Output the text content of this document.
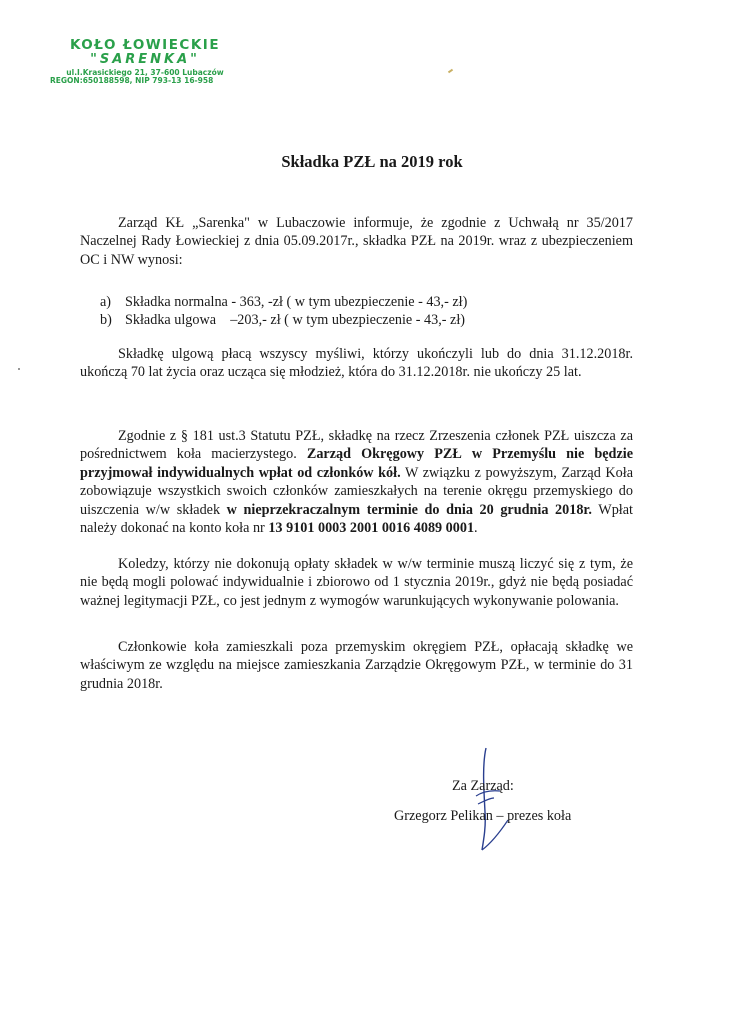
KOŁO ŁOWIECKIE
"SARENKA"
ul.I.Krasickiego 21, 37-600 Lubaczów
REGON:650188598, NIP 793-13 16-958
Składka PZŁ na 2019 rok

Zarząd KŁ „Sarenka" w Lubaczowie informuje, że zgodnie z Uchwałą nr 35/2017 Naczelnej Rady Łowieckiej z dnia 05.09.2017r., składka PZŁ na 2019r. wraz z ubezpieczeniem OC i NW wynosi:

a) Składka normalna - 363, -zł ( w tym ubezpieczenie - 43,- zł)
b) Składka ulgowa    –203,- zł ( w tym ubezpieczenie - 43,- zł)

Składkę ulgową płacą wszyscy myśliwi, którzy ukończyli lub do dnia 31.12.2018r. ukończą 70 lat życia oraz ucząca się młodzież, która do 31.12.2018r. nie ukończy 25 lat.

Zgodnie z § 181 ust.3 Statutu PZŁ, składkę na rzecz Zrzeszenia członek PZŁ uiszcza za pośrednictwem koła macierzystego. Zarząd Okręgowy PZŁ w Przemyślu nie będzie przyjmował indywidualnych wpłat od członków kół. W związku z powyższym, Zarząd Koła zobowiązuje wszystkich swoich członków zamieszkałych na terenie okręgu przemyskiego do uiszczenia w/w składek w nieprzekraczalnym terminie do dnia 20 grudnia 2018r. Wpłat należy dokonać na konto koła nr 13 9101 0003 2001 0016 4089 0001.

Koledzy, którzy nie dokonują opłaty składek w w/w terminie muszą liczyć się z tym, że nie będą mogli polować indywidualnie i zbiorowo od 1 stycznia 2019r., gdyż nie będą posiadać ważnej legitymacji PZŁ, co jest jednym z wymogów warunkujących wykonywanie polowania.

Członkowie koła zamieszkali poza przemyskim okręgiem PZŁ, opłacają składkę we właściwym ze względu na miejsce zamieszkania Zarządzie Okręgowym PZŁ, w terminie do 31 grudnia 2018r.

Za Zarząd:
Grzegorz Pelikan – prezes koła
